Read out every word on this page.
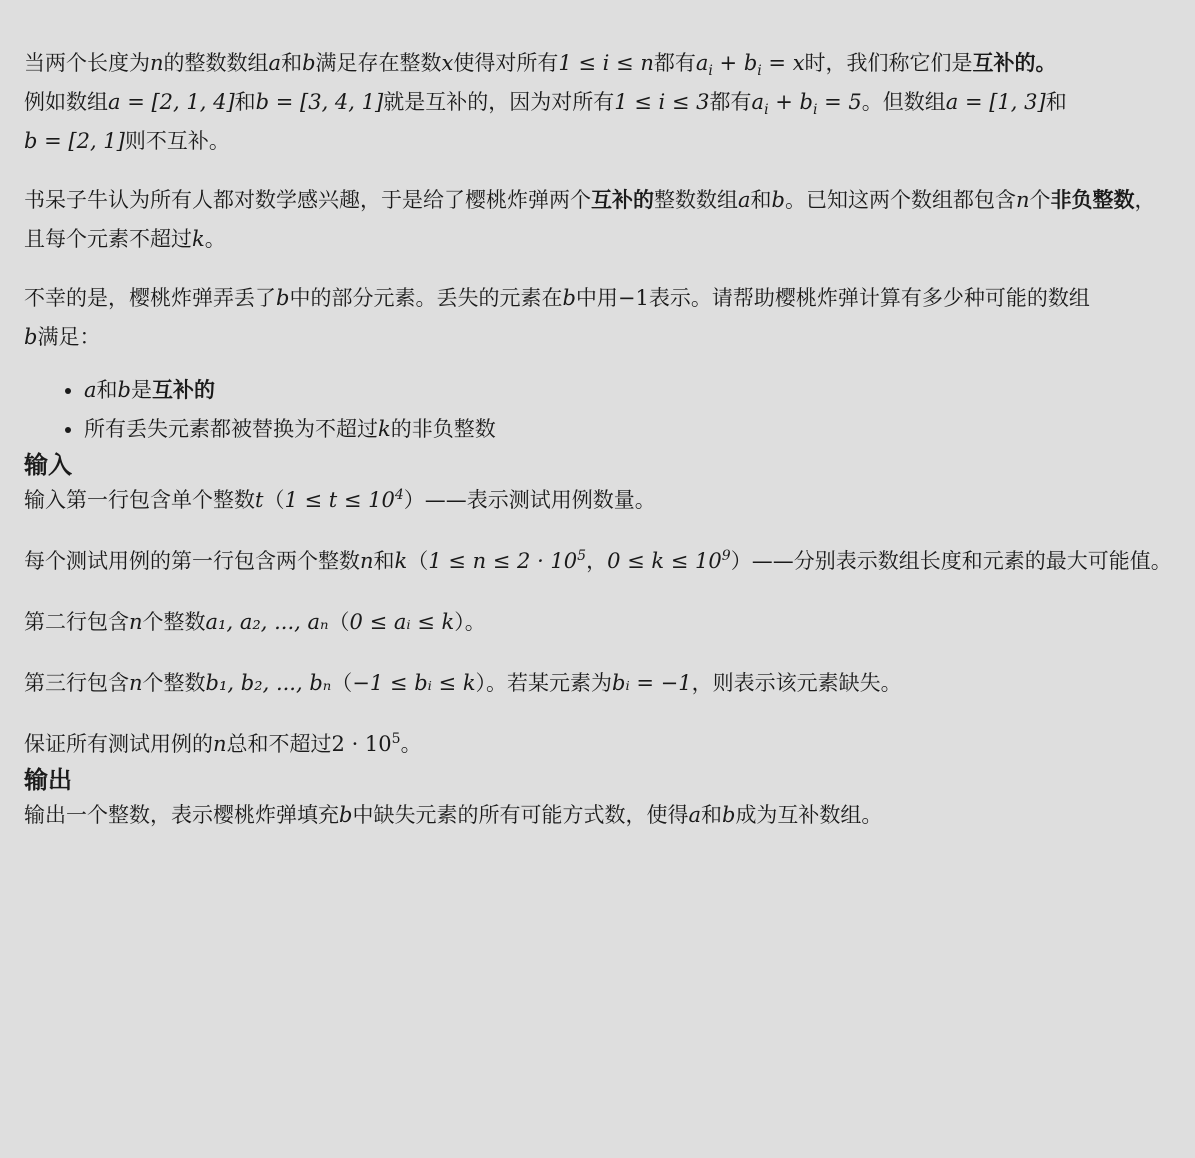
当两个长度为n的整数数组a和b满足存在整数x使得对所有1 ≤ i ≤ n都有$a_i + b_i = x$时，我们称它们是互补的。
例如数组a = [2, 1, 4]和b = [3, 4, 1]就是互补的，因为对所有1 ≤ i ≤ 3都有$a_i + b_i = 5$。但数组a = [1, 3]和
b = [2, 1]则不互补。

书呆子牛认为所有人都对数学感兴趣，于是给了樱桃炸弹两个互补的整数数组a和b。已知这两个数组都包含n个非负整数，且每个元素不超过k。

不幸的是，樱桃炸弹弄丢了b中的部分元素。丢失的元素在b中用−1表示。请帮助樱桃炸弹计算有多少种可能的数组
b满足：

• a和b是互补的
• 所有丢失元素都被替换为不超过k的非负整数
输入

输入第一行包含单个整数$t(1 \le t \le 10^4)——$表示测试用例数量。

每个测试用例的第一行包含两个整数n和$k(1 \le n \le 2 \cdot 10^5$，$0 \le k \le 10^9)——$分别表示数组长度和元素的最大可能值。

第二行包含n个整数a₁, a₂, ..., aₙ（0 ≤ aᵢ ≤ k）。

第三行包含n个整数b₁, b₂, ..., bₙ（−1 ≤ bᵢ ≤ k）。若某元素为bᵢ = −1，则表示该元素缺失。

保证所有测试用例的n总和不超过$2 \cdot 10^5$。

输出

输出一个整数，表示樱桃炸弹填充b中缺失元素的所有可能方式数，使得a和b成为互补数组。
